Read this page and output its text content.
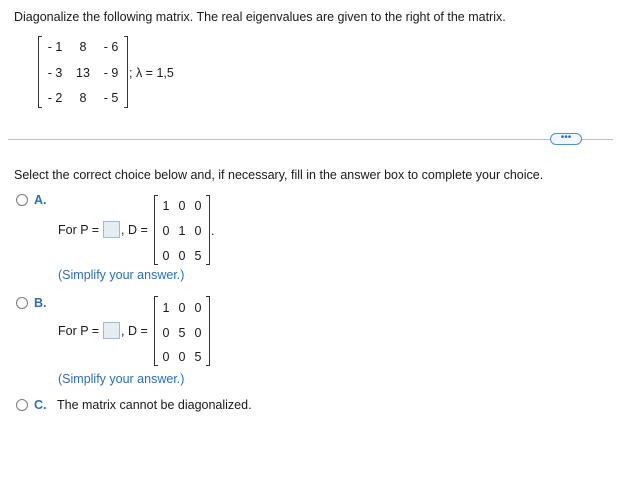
Diagonalize the following matrix. The real eigenvalues are given to the right of the matrix.
- 1	8	- 6
- 3	13	- 9
- 2	8	- 5
; λ = 1,5
•••
Select the correct choice below and, if necessary, fill in the answer box to complete your choice.
A.
For P = , D =
1 0 0
0 1 0
0 0 5
.
(Simplify your answer.)
B.
For P = , D =
1 0 0
0 5 0
0 0 5
(Simplify your answer.)
C. The matrix cannot be diagonalized.
